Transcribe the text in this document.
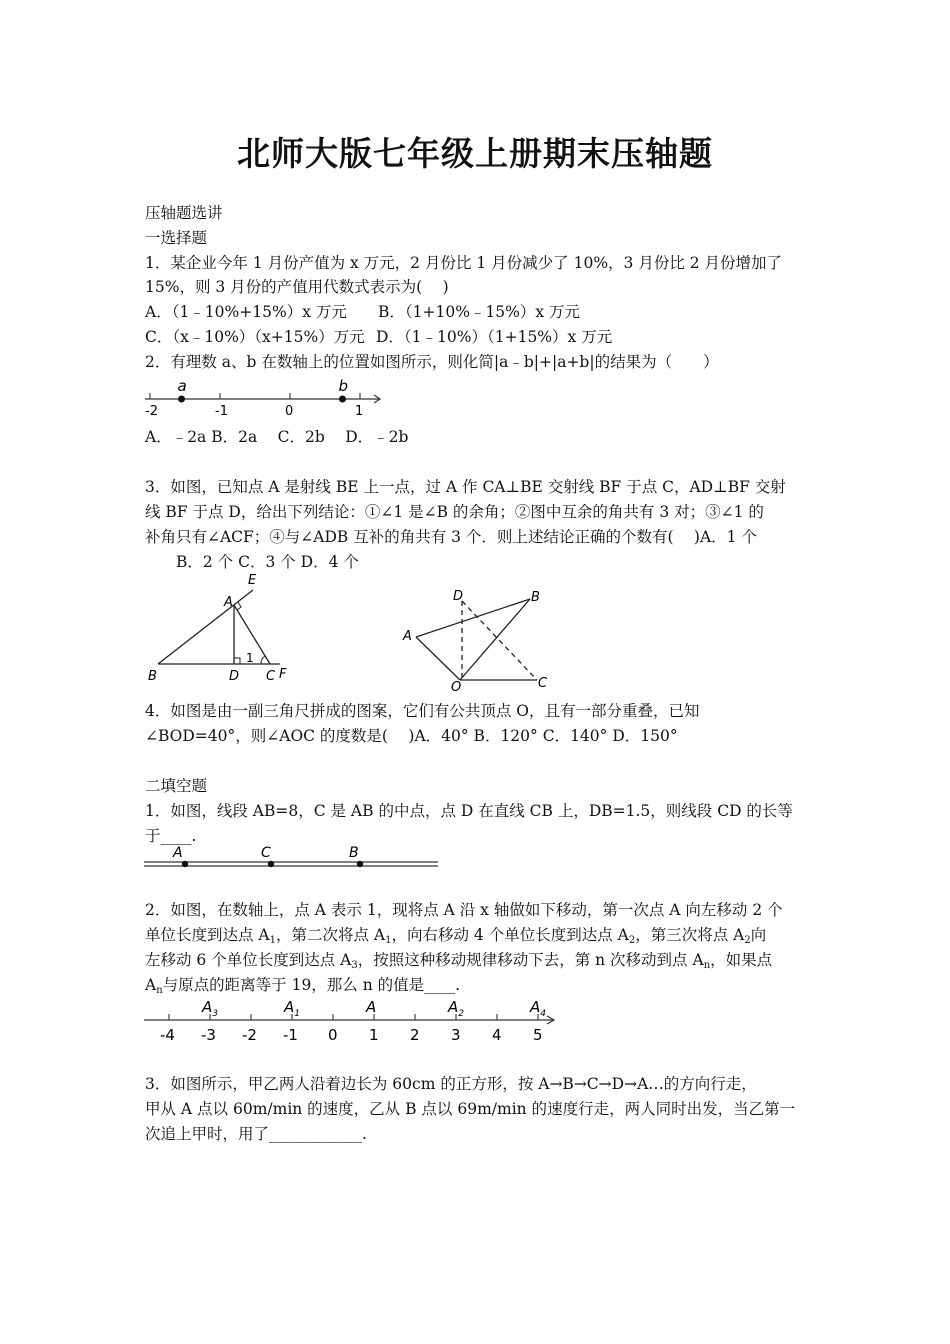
北师大版七年级上册期末压轴题
压轴题选讲
一选择题
1．某企业今年 1 月份产值为 x 万元，2 月份比 1 月份减少了 10%，3 月份比 2 月份增加了
15%，则 3 月份的产值用代数式表示为(　 )
A．（1﹣10%+15%）x 万元 B．（1+10%﹣15%）x 万元
C．（x﹣10%）（x+15%）万元 D．（1﹣10%）（1+15%）x 万元
2．有理数 a、b 在数轴上的位置如图所示，则化简|a﹣b|+|a+b|的结果为（　　）
-2	-1	0	1
a	b
A．﹣2a B．2a　 C．2b　 D．﹣2b
3．如图，已知点 A 是射线 BE 上一点，过 A 作 CA⊥BE 交射线 BF 于点 C，AD⊥BF 交射
线 BF 于点 D，给出下列结论：①∠1 是∠B 的余角；②图中互余的角共有 3 对；③∠1 的
补角只有∠ACF；④与∠ADB 互补的角共有 3 个．则上述结论正确的个数有(　 )A．1 个
B．2 个 C．3 个 D．4 个
E
A
B	D
1
C F
D	B
A
O	C
4．如图是由一副三角尺拼成的图案，它们有公共顶点 O，且有一部分重叠，已知
∠BOD=40°，则∠AOC 的度数是(　 )A．40° B．120° C．140° D．150°
二填空题
1．如图，线段 AB=8，C 是 AB 的中点，点 D 在直线 CB 上，DB=1.5，则线段 CD 的长等
于____.
A	C	B
2．如图，在数轴上，点 A 表示 1，现将点 A 沿 x 轴做如下移动，第一次点 A 向左移动 2 个
单位长度到达点 $A_1$，第二次将点 $A_1$，向右移动 4 个单位长度到达点 $A_2$，第三次将点 $A_2$向
左移动 6 个单位长度到达点 $A_3$，按照这种移动规律移动下去，第 n 次移动到点 $A_n$，如果点
$A_n$与原点的距离等于 19，那么 n 的值是____.
-4 -3 -2 -1 0 1 2 3 4 5
$A_3$	$A_1$	A	$A_2$	$A_4$
3．如图所示，甲乙两人沿着边长为 60cm 的正方形，按 A→B→C→D→A…的方向行走，
甲从 A 点以 60m/min 的速度，乙从 B 点以 69m/min 的速度行走，两人同时出发，当乙第一
次追上甲时，用了____________.
